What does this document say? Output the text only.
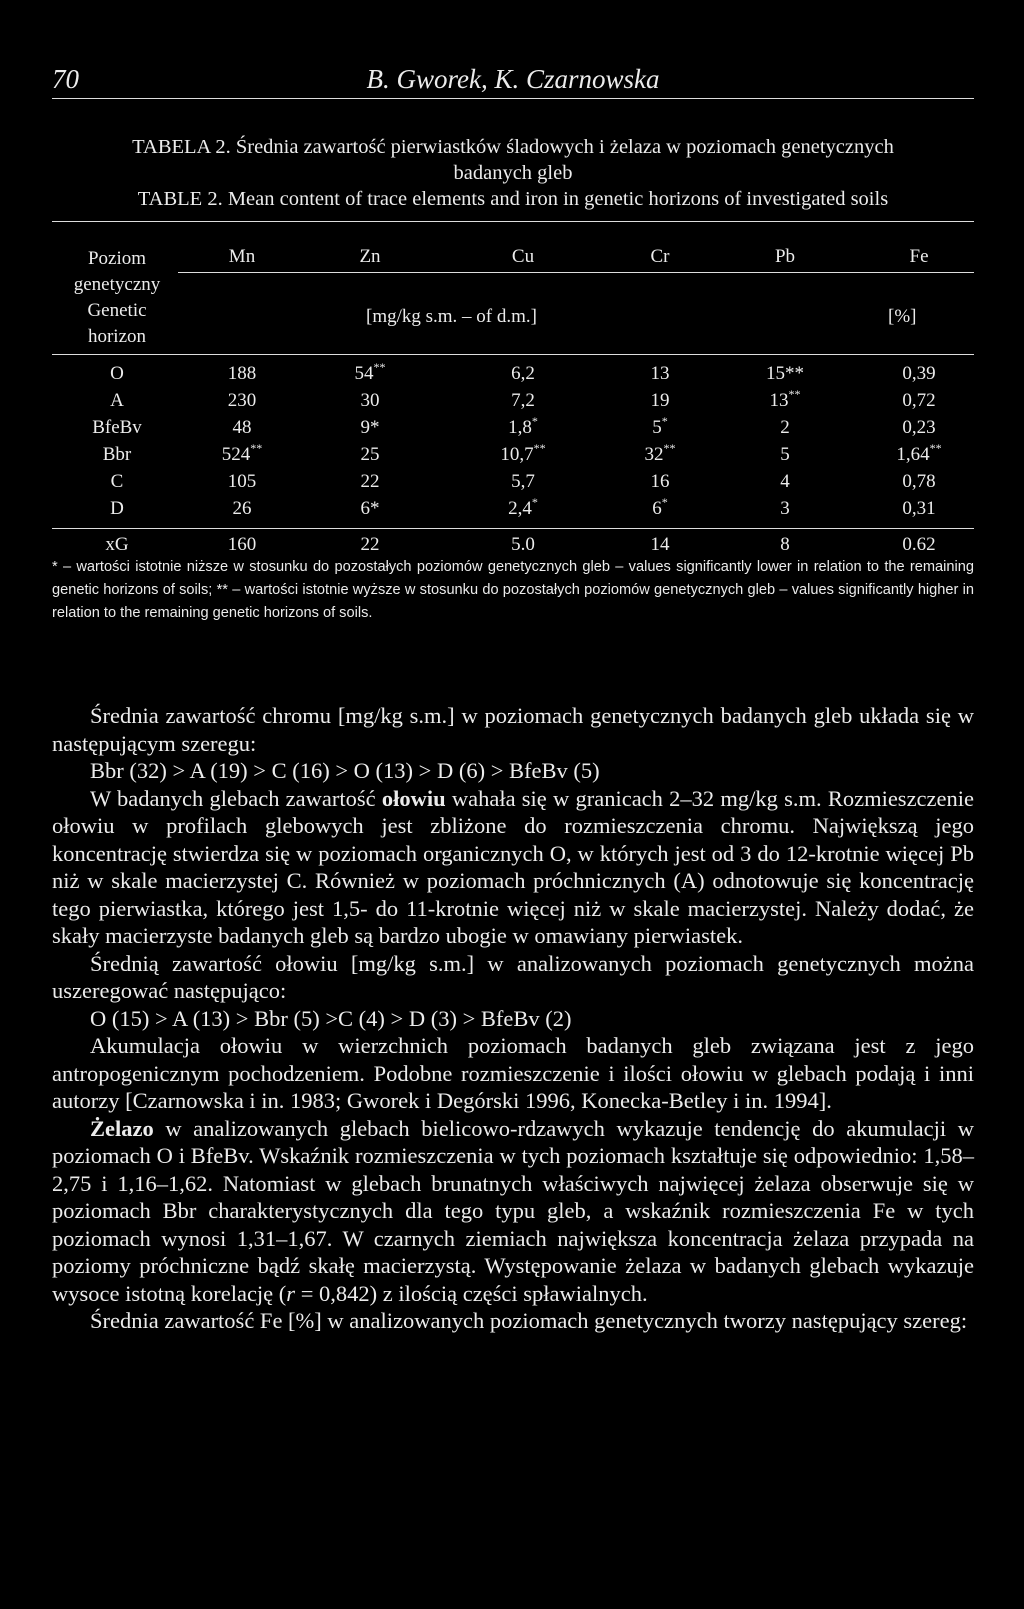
70	B. Gworek, K. Czarnowska
TABELA 2. Średnia zawartość pierwiastków śladowych i żelaza w poziomach genetycznych
badanych gleb
TABLE 2. Mean content of trace elements and iron in genetic horizons of investigated soils
Poziom
genetyczny
Genetic
horizon
Mn	Zn	Cu	Cr	Pb	Fe
[mg/kg s.m. – of d.m.]	[%]
O	188	54**	6,2	13	15**	0,39
A	230	30	7,2	19	13**	0,72
BfeBv	48	9*	1,8*	5*	2	0,23
Bbr	524**	25	10,7**	32**	5	1,64**
C	105	22	5,7	16	4	0,78
D	26	6*	2,4*	6*	3	0,31
xG	160	22	5.0	14	8	0.62
* – wartości istotnie niższe w stosunku do pozostałych poziomów genetycznych gleb – values significantly lower in relation to the remaining genetic horizons of soils; ** – wartości istotnie wyższe w stosunku do pozostałych poziomów genetycznych gleb – values significantly higher in relation to the remaining genetic horizons of soils.

Średnia zawartość chromu [mg/kg s.m.] w poziomach genetycznych badanych gleb układa się w następującym szeregu:

Bbr (32) > A (19) > C (16) > O (13) > D (6) > BfeBv (5)

W badanych glebach zawartość ołowiu wahała się w granicach 2–32 mg/kg s.m. Rozmieszczenie ołowiu w profilach glebowych jest zbliżone do rozmieszczenia chromu. Największą jego koncentrację stwierdza się w poziomach organicznych O, w których jest od 3 do 12-krotnie więcej Pb niż w skale macierzystej C. Również w poziomach próchnicznych (A) odnotowuje się koncentrację tego pierwiastka, którego jest 1,5- do 11-krotnie więcej niż w skale macierzystej. Należy dodać, że skały macierzyste badanych gleb są bardzo ubogie w omawiany pierwiastek.

Średnią zawartość ołowiu [mg/kg s.m.] w analizowanych poziomach genetycznych można uszeregować następująco:

O (15) > A (13) > Bbr (5) >C (4) > D (3) > BfeBv (2)

Akumulacja ołowiu w wierzchnich poziomach badanych gleb związana jest z jego antropogenicznym pochodzeniem. Podobne rozmieszczenie i ilości ołowiu w glebach podają i inni autorzy [Czarnowska i in. 1983; Gworek i Degórski 1996, Konecka-Betley i in. 1994].

Żelazo w analizowanych glebach bielicowo-rdzawych wykazuje tendencję do akumulacji w poziomach O i BfeBv. Wskaźnik rozmieszczenia w tych poziomach kształtuje się odpowiednio: 1,58–2,75 i 1,16–1,62. Natomiast w glebach brunatnych właściwych najwięcej żelaza obserwuje się w poziomach Bbr charakterystycznych dla tego typu gleb, a wskaźnik rozmieszczenia Fe w tych poziomach wynosi 1,31–1,67. W czarnych ziemiach największa koncentracja żelaza przypada na poziomy próchniczne bądź skałę macierzystą. Występowanie żelaza w badanych glebach wykazuje wysoce istotną korelację (r = 0,842) z ilością części spławialnych.

Średnia zawartość Fe [%] w analizowanych poziomach genetycznych tworzy następujący szereg:
